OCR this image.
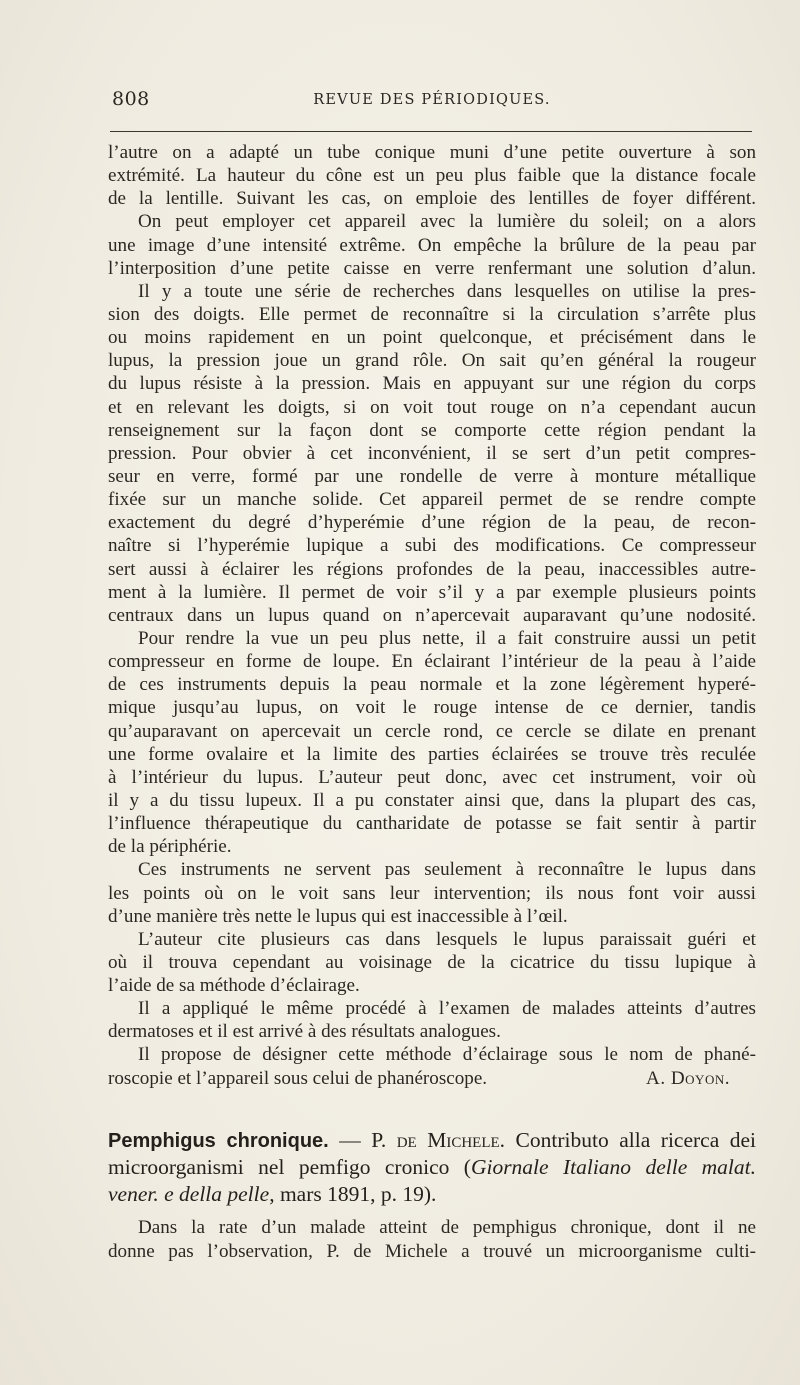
808	REVUE DES PÉRIODIQUES.
l’autre on a adapté un tube conique muni d’une petite ouverture à son
extrémité. La hauteur du cône est un peu plus faible que la distance focale
de la lentille. Suivant les cas, on emploie des lentilles de foyer différent.
On peut employer cet appareil avec la lumière du soleil; on a alors
une image d’une intensité extrême. On empêche la brûlure de la peau par
l’interposition d’une petite caisse en verre renfermant une solution d’alun.
Il y a toute une série de recherches dans lesquelles on utilise la pres-
sion des doigts. Elle permet de reconnaître si la circulation s’arrête plus
ou moins rapidement en un point quelconque, et précisément dans le
lupus, la pression joue un grand rôle. On sait qu’en général la rougeur
du lupus résiste à la pression. Mais en appuyant sur une région du corps
et en relevant les doigts, si on voit tout rouge on n’a cependant aucun
renseignement sur la façon dont se comporte cette région pendant la
pression. Pour obvier à cet inconvénient, il se sert d’un petit compres-
seur en verre, formé par une rondelle de verre à monture métallique
fixée sur un manche solide. Cet appareil permet de se rendre compte
exactement du degré d’hyperémie d’une région de la peau, de recon-
naître si l’hyperémie lupique a subi des modifications. Ce compresseur
sert aussi à éclairer les régions profondes de la peau, inaccessibles autre-
ment à la lumière. Il permet de voir s’il y a par exemple plusieurs points
centraux dans un lupus quand on n’apercevait auparavant qu’une nodosité.
Pour rendre la vue un peu plus nette, il a fait construire aussi un petit
compresseur en forme de loupe. En éclairant l’intérieur de la peau à l’aide
de ces instruments depuis la peau normale et la zone légèrement hyperé-
mique jusqu’au lupus, on voit le rouge intense de ce dernier, tandis
qu’auparavant on apercevait un cercle rond, ce cercle se dilate en prenant
une forme ovalaire et la limite des parties éclairées se trouve très reculée
à l’intérieur du lupus. L’auteur peut donc, avec cet instrument, voir où
il y a du tissu lupeux. Il a pu constater ainsi que, dans la plupart des cas,
l’influence thérapeutique du cantharidate de potasse se fait sentir à partir
de la périphérie.
Ces instruments ne servent pas seulement à reconnaître le lupus dans
les points où on le voit sans leur intervention; ils nous font voir aussi
d’une manière très nette le lupus qui est inaccessible à l’œil.
L’auteur cite plusieurs cas dans lesquels le lupus paraissait guéri et
où il trouva cependant au voisinage de la cicatrice du tissu lupique à
l’aide de sa méthode d’éclairage.
Il a appliqué le même procédé à l’examen de malades atteints d’autres
dermatoses et il est arrivé à des résultats analogues.
Il propose de désigner cette méthode d’éclairage sous le nom de phané-
roscopie et l’appareil sous celui de phanéroscope.	A. Doyon.
Pemphigus chronique. — P. de Michele. Contributo alla ricerca dei
microorganismi nel pemfigo cronico (Giornale Italiano delle malat.
vener. e della pelle, mars 1891, p. 19).
Dans la rate d’un malade atteint de pemphigus chronique, dont il ne
donne pas l’observation, P. de Michele a trouvé un microorganisme culti-
